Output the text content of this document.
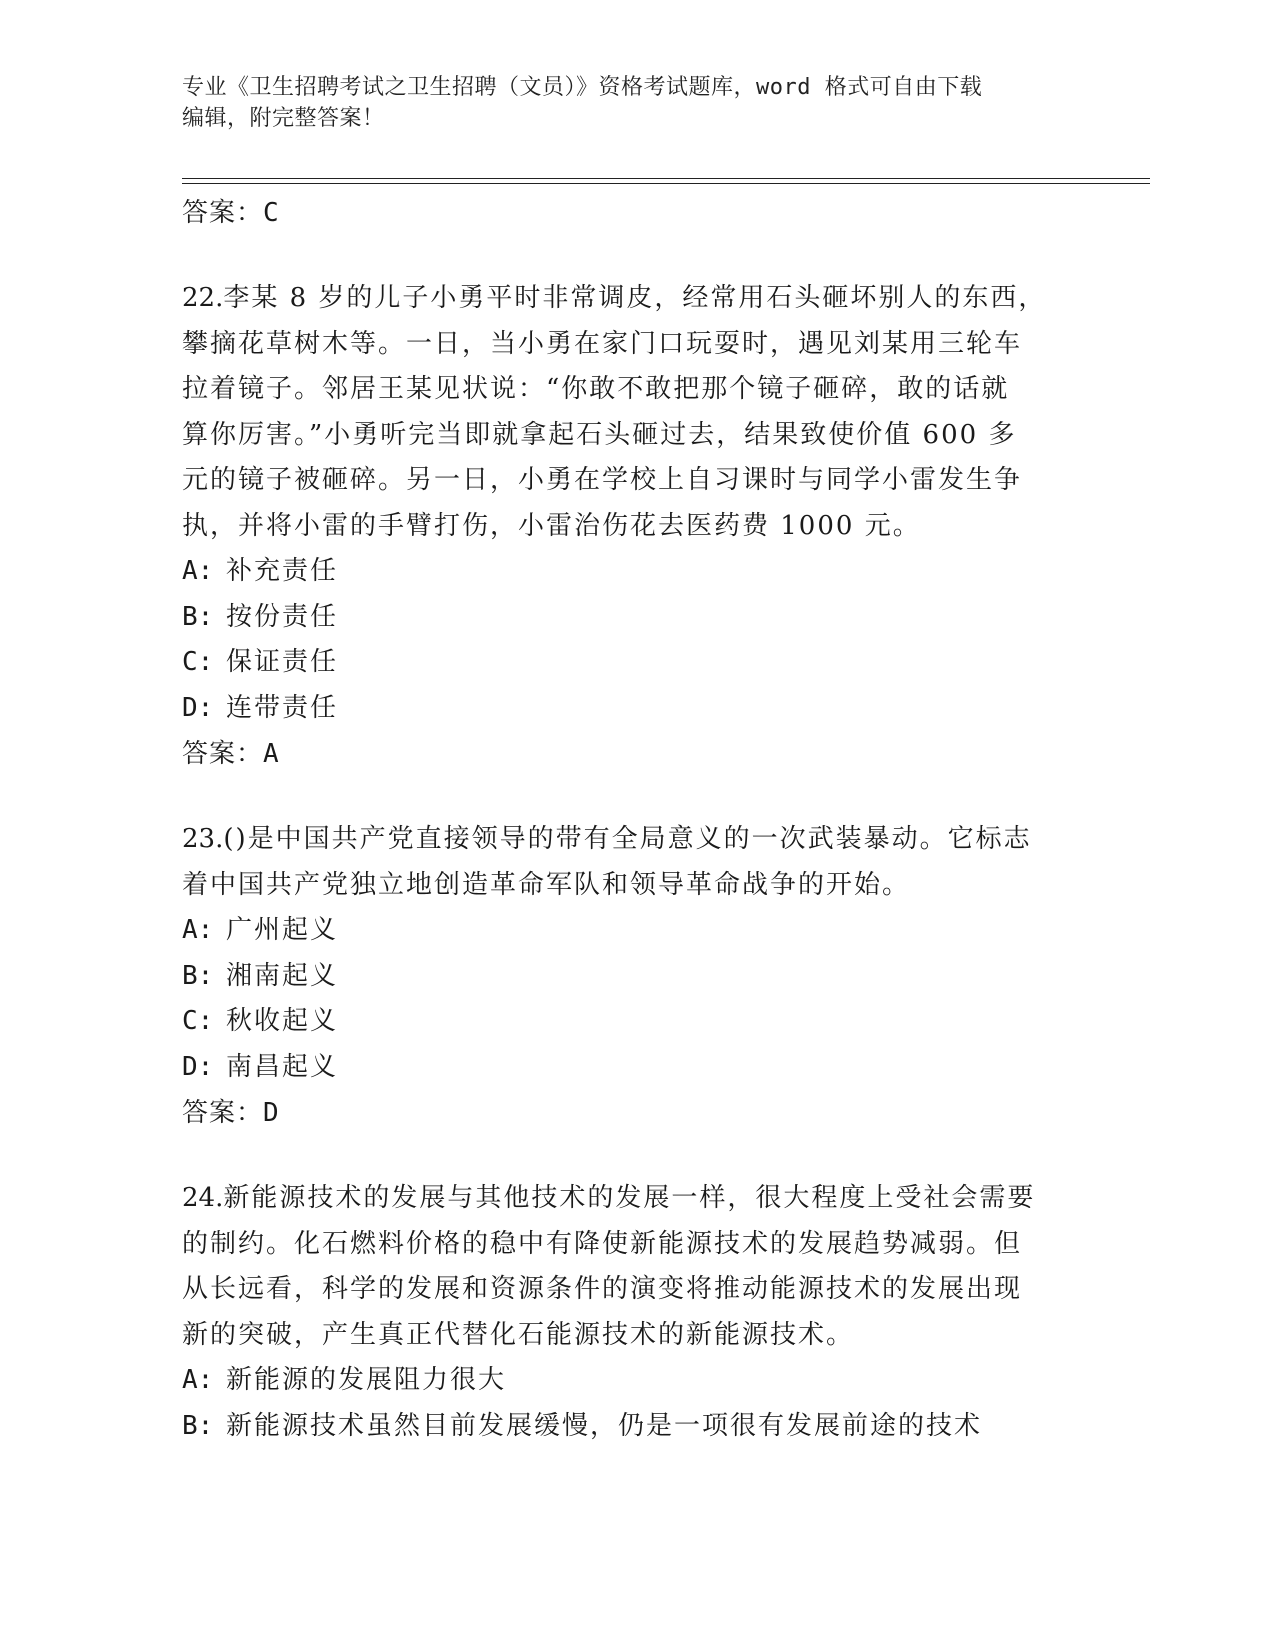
专业《卫生招聘考试之卫生招聘（文员）》资格考试题库，word 格式可自由下载
编辑，附完整答案！
答案：C
22.李某 8 岁的儿子小勇平时非常调皮，经常用石头砸坏别人的东西，
攀摘花草树木等。一日，当小勇在家门口玩耍时，遇见刘某用三轮车
拉着镜子。邻居王某见状说：“你敢不敢把那个镜子砸碎，敢的话就
算你厉害。”小勇听完当即就拿起石头砸过去，结果致使价值 600 多
元的镜子被砸碎。另一日，小勇在学校上自习课时与同学小雷发生争
执，并将小雷的手臂打伤，小雷治伤花去医药费 1000 元。
A: 补充责任
B: 按份责任
C: 保证责任
D: 连带责任
答案：A
23.()是中国共产党直接领导的带有全局意义的一次武装暴动。它标志
着中国共产党独立地创造革命军队和领导革命战争的开始。
A: 广州起义
B: 湘南起义
C: 秋收起义
D: 南昌起义
答案：D
24.新能源技术的发展与其他技术的发展一样，很大程度上受社会需要
的制约。化石燃料价格的稳中有降使新能源技术的发展趋势减弱。但
从长远看，科学的发展和资源条件的演变将推动能源技术的发展出现
新的突破，产生真正代替化石能源技术的新能源技术。
A: 新能源的发展阻力很大
B: 新能源技术虽然目前发展缓慢，仍是一项很有发展前途的技术
